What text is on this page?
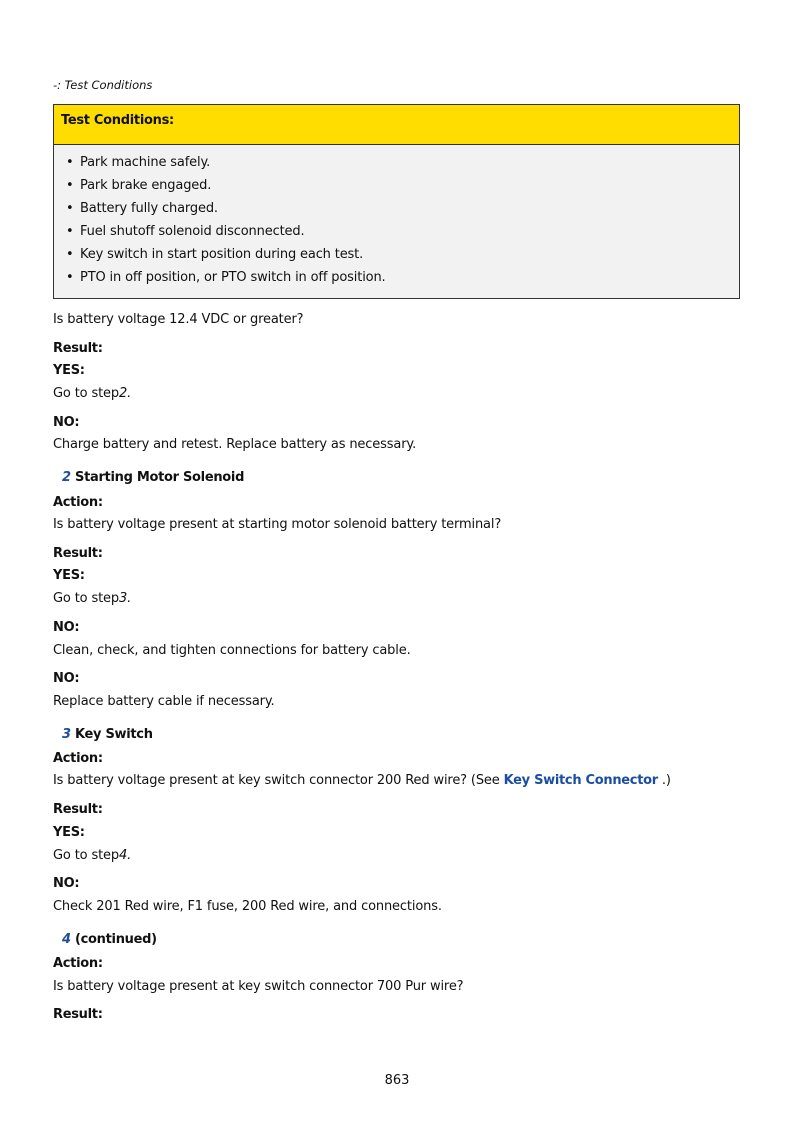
-: Test Conditions
Test Conditions:
• Park machine safely.
• Park brake engaged.
• Battery fully charged.
• Fuel shutoff solenoid disconnected.
• Key switch in start position during each test.
• PTO in off position, or PTO switch in off position.
Is battery voltage 12.4 VDC or greater?
Result:
YES:
Go to step2.
NO:
Charge battery and retest. Replace battery as necessary.
2 Starting Motor Solenoid
Action:
Is battery voltage present at starting motor solenoid battery terminal?
Result:
YES:
Go to step3.
NO:
Clean, check, and tighten connections for battery cable.
NO:
Replace battery cable if necessary.
3 Key Switch
Action:
Is battery voltage present at key switch connector 200 Red wire? (See Key Switch Connector .)
Result:
YES:
Go to step4.
NO:
Check 201 Red wire, F1 fuse, 200 Red wire, and connections.
4 (continued)
Action:
Is battery voltage present at key switch connector 700 Pur wire?
Result:
863
